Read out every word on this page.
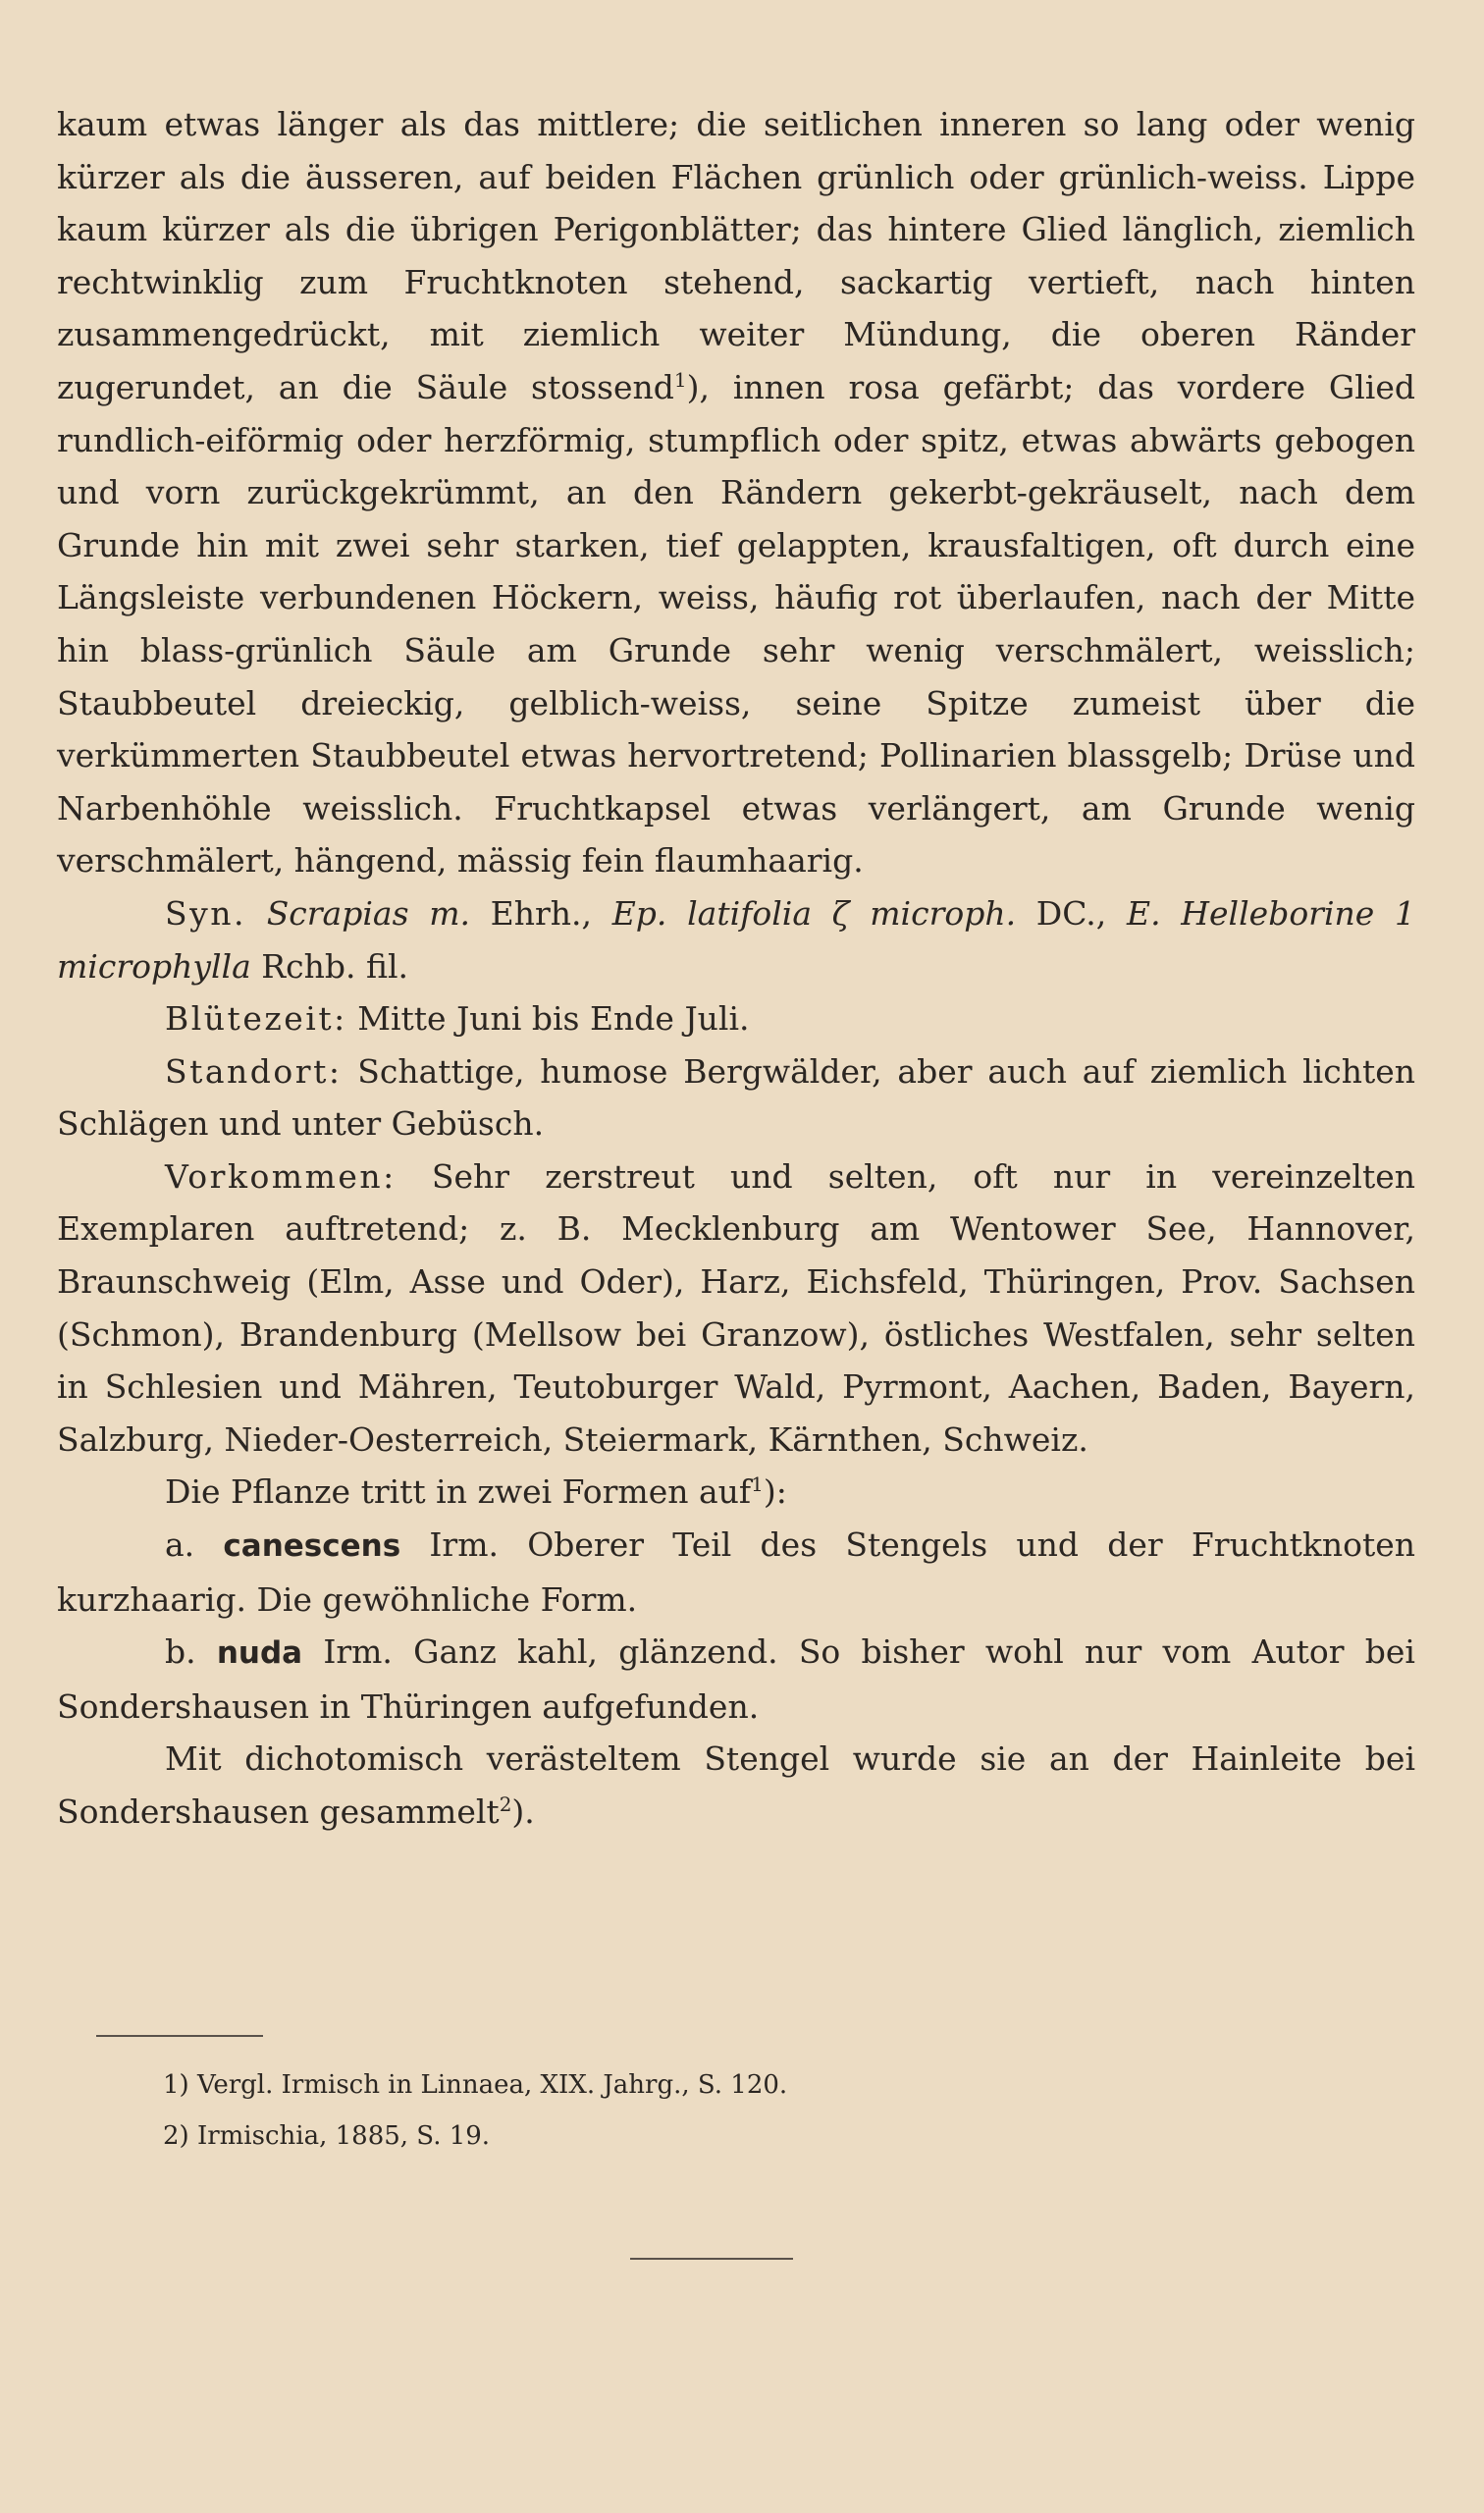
kaum etwas länger als das mittlere; die seitlichen inneren so lang oder wenig kürzer als die äusseren, auf beiden Flächen grünlich oder grünlich-weiss. Lippe kaum kürzer als die übrigen Perigonblätter; das hintere Glied länglich, ziemlich rechtwinklig zum Fruchtknoten stehend, sackartig vertieft, nach hinten zusammengedrückt, mit ziemlich weiter Mündung, die oberen Ränder zugerundet, an die Säule stossend$^1$), innen rosa gefärbt; das vordere Glied rundlich-eiförmig oder herzförmig, stumpflich oder spitz, etwas abwärts gebogen und vorn zurückgekrümmt, an den Rändern gekerbt-gekräuselt, nach dem Grunde hin mit zwei sehr starken, tief gelappten, krausfaltigen, oft durch eine Längsleiste verbundenen Höckern, weiss, häufig rot überlaufen, nach der Mitte hin blass-grünlich Säule am Grunde sehr wenig verschmälert, weisslich; Staubbeutel dreieckig, gelblich-weiss, seine Spitze zumeist über die verkümmerten Staubbeutel etwas hervortretend; Pollinarien blassgelb; Drüse und Narbenhöhle weisslich. Fruchtkapsel etwas verlängert, am Grunde wenig verschmälert, hängend, mässig fein flaumhaarig.

Syn. Scrapias m. Ehrh., Ep. latifolia ζ microph. DC., E. Helleborine 1 microphylla Rchb. fil.

Blütezeit: Mitte Juni bis Ende Juli.

Standort: Schattige, humose Bergwälder, aber auch auf ziemlich lichten Schlägen und unter Gebüsch.

Vorkommen: Sehr zerstreut und selten, oft nur in vereinzelten Exemplaren auftretend; z. B. Mecklenburg am Wentower See, Hannover, Braunschweig (Elm, Asse und Oder), Harz, Eichsfeld, Thüringen, Prov. Sachsen (Schmon), Brandenburg (Mellsow bei Granzow), östliches Westfalen, sehr selten in Schlesien und Mähren, Teutoburger Wald, Pyrmont, Aachen, Baden, Bayern, Salzburg, Nieder-Oesterreich, Steiermark, Kärnthen, Schweiz.

Die Pflanze tritt in zwei Formen auf$^1$):

a. canescens Irm. Oberer Teil des Stengels und der Fruchtknoten kurzhaarig. Die gewöhnliche Form.

b. nuda Irm. Ganz kahl, glänzend. So bisher wohl nur vom Autor bei Sondershausen in Thüringen aufgefunden.

Mit dichotomisch verästeltem Stengel wurde sie an der Hainleite bei Sondershausen gesammelt$^2$).

1) Vergl. Irmisch in Linnaea, XIX. Jahrg., S. 120.

2) Irmischia, 1885, S. 19.
